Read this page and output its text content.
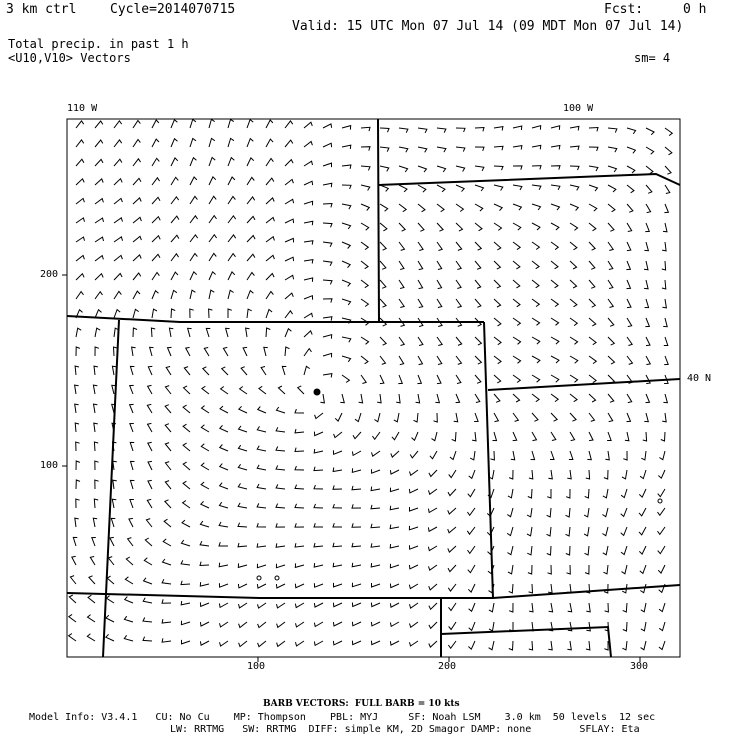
3 km ctrl	Cycle=2014070715	Fcst:	0 h
Valid: 15 UTC Mon 07 Jul 14 (09 MDT Mon 07 Jul 14)
Total precip. in past 1 h
<U10,V10> Vectors	sm= 4
110 W	100 W
40 N
200
100
100	200	300
BARB VECTORS:  FULL BARB = 10 kts
Model Info: V3.4.1   CU: No Cu    MP: Thompson    PBL: MYJ     SF: Noah LSM    3.0 km  50 levels  12 sec
LW: RRTMG   SW: RRTMG  DIFF: simple KM, 2D Smagor DAMP: none        SFLAY: Eta
